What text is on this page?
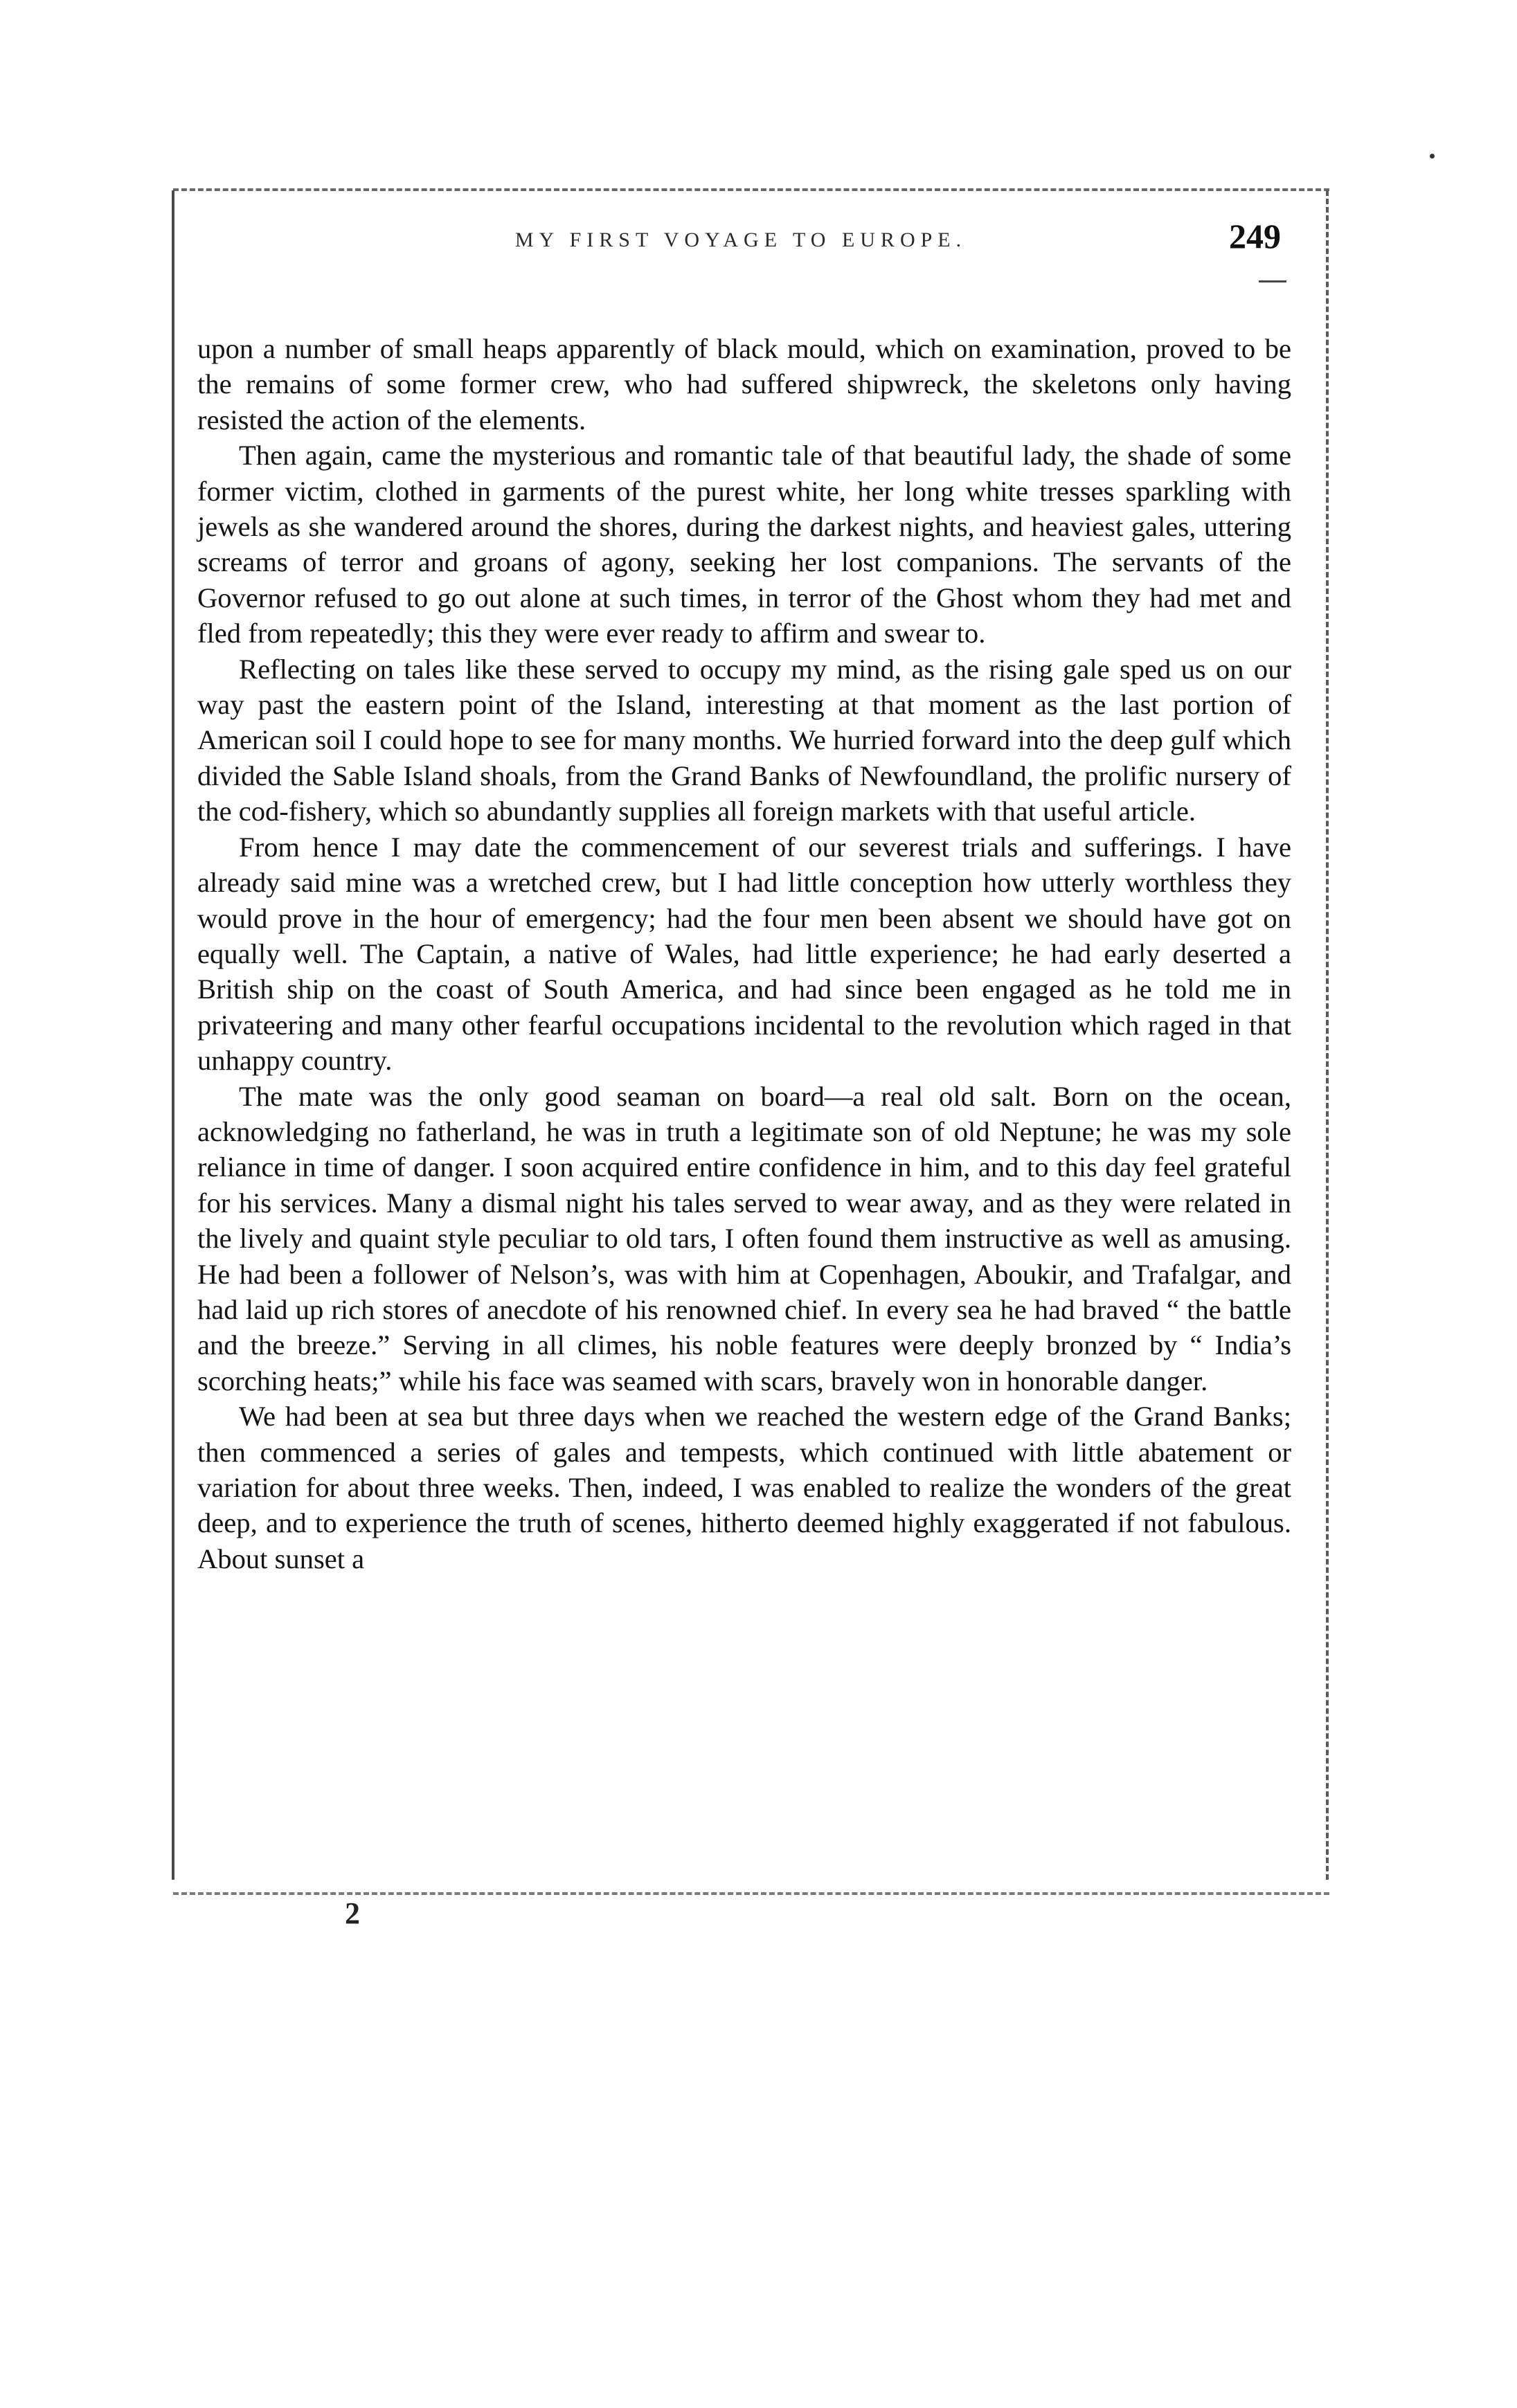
MY FIRST VOYAGE TO EUROPE.	249

upon a number of small heaps apparently of black mould, which on examination, proved to be the remains of some former crew, who had suffered shipwreck, the skeletons only having resisted the action of the elements.

Then again, came the mysterious and romantic tale of that beautiful lady, the shade of some former victim, clothed in garments of the purest white, her long white tresses sparkling with jewels as she wandered around the shores, during the darkest nights, and heaviest gales, uttering screams of terror and groans of agony, seeking her lost companions. The servants of the Governor refused to go out alone at such times, in terror of the Ghost whom they had met and fled from repeatedly; this they were ever ready to affirm and swear to.

Reflecting on tales like these served to occupy my mind, as the rising gale sped us on our way past the eastern point of the Island, interesting at that moment as the last portion of American soil I could hope to see for many months. We hurried forward into the deep gulf which divided the Sable Island shoals, from the Grand Banks of Newfoundland, the prolific nursery of the cod-fishery, which so abundantly supplies all foreign markets with that useful article.

From hence I may date the commencement of our severest trials and sufferings. I have already said mine was a wretched crew, but I had little conception how utterly worthless they would prove in the hour of emergency; had the four men been absent we should have got on equally well. The Captain, a native of Wales, had little experience; he had early deserted a British ship on the coast of South America, and had since been engaged as he told me in privateering and many other fearful occupations incidental to the revolution which raged in that unhappy country.

The mate was the only good seaman on board—a real old salt. Born on the ocean, acknowledging no fatherland, he was in truth a legitimate son of old Neptune; he was my sole reliance in time of danger. I soon acquired entire confidence in him, and to this day feel grateful for his services. Many a dismal night his tales served to wear away, and as they were related in the lively and quaint style peculiar to old tars, I often found them instructive as well as amusing. He had been a follower of Nelson’s, was with him at Copenhagen, Aboukir, and Trafalgar, and had laid up rich stores of anecdote of his renowned chief. In every sea he had braved “ the battle and the breeze.” Serving in all climes, his noble features were deeply bronzed by “ India’s scorching heats;” while his face was seamed with scars, bravely won in honorable danger.

We had been at sea but three days when we reached the western edge of the Grand Banks; then commenced a series of gales and tempests, which continued with little abatement or variation for about three weeks. Then, indeed, I was enabled to realize the wonders of the great deep, and to experience the truth of scenes, hitherto deemed highly exaggerated if not fabulous. About sunset a

2
